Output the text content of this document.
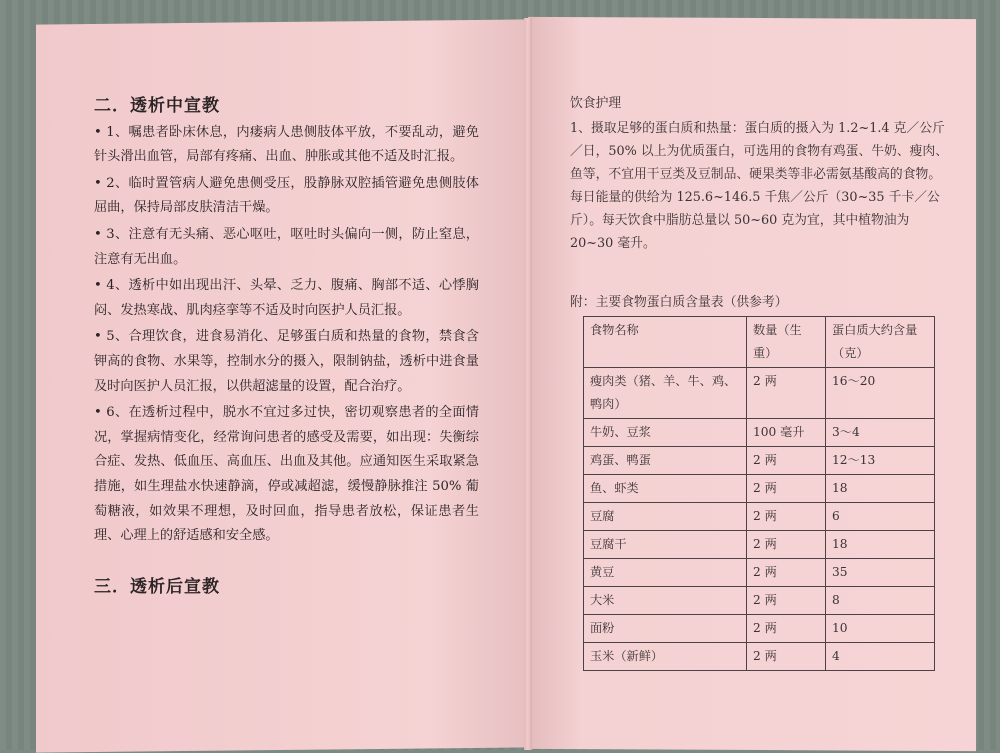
二．透析中宣教

• 1、嘱患者卧床休息，内瘘病人患侧肢体平放，不要乱动，避免针头滑出血管，局部有疼痛、出血、肿胀或其他不适及时汇报。

• 2、临时置管病人避免患侧受压，股静脉双腔插管避免患侧肢体屈曲，保持局部皮肤清洁干燥。

• 3、注意有无头痛、恶心呕吐，呕吐时头偏向一侧，防止窒息，注意有无出血。

• 4、透析中如出现出汗、头晕、乏力、腹痛、胸部不适、心悸胸闷、发热寒战、肌肉痉挛等不适及时向医护人员汇报。

• 5、合理饮食，进食易消化、足够蛋白质和热量的食物，禁食含钾高的食物、水果等，控制水分的摄入，限制钠盐，透析中进食量及时向医护人员汇报，以供超滤量的设置，配合治疗。

• 6、在透析过程中，脱水不宜过多过快，密切观察患者的全面情况，掌握病情变化，经常询问患者的感受及需要，如出现：失衡综合症、发热、低血压、高血压、出血及其他。应通知医生采取紧急措施，如生理盐水快速静滴，停或减超滤，缓慢静脉推注 50% 葡萄糖液，如效果不理想，及时回血，指导患者放松，保证患者生理、心理上的舒适感和安全感。

三．透析后宣教

饮食护理

1、摄取足够的蛋白质和热量：蛋白质的摄入为 1.2~1.4 克／公斤／日，50% 以上为优质蛋白，可选用的食物有鸡蛋、牛奶、瘦肉、鱼等，不宜用干豆类及豆制品、硬果类等非必需氨基酸高的食物。每日能量的供给为 125.6~146.5 千焦／公斤（30~35 千卡／公斤）。每天饮食中脂肪总量以 50~60 克为宜，其中植物油为 20~30 毫升。

附：主要食物蛋白质含量表（供参考）

食物名称	数量（生重）	蛋白质大约含量（克）
瘦肉类（猪、羊、牛、鸡、鸭肉）	2 两	16～20
牛奶、豆浆	100 毫升	3～4
鸡蛋、鸭蛋	2 两	12～13
鱼、虾类	2 两	18
豆腐	2 两	6
豆腐干	2 两	18
黄豆	2 两	35
大米	2 两	8
面粉	2 两	10
玉米（新鲜）	2 两	4
